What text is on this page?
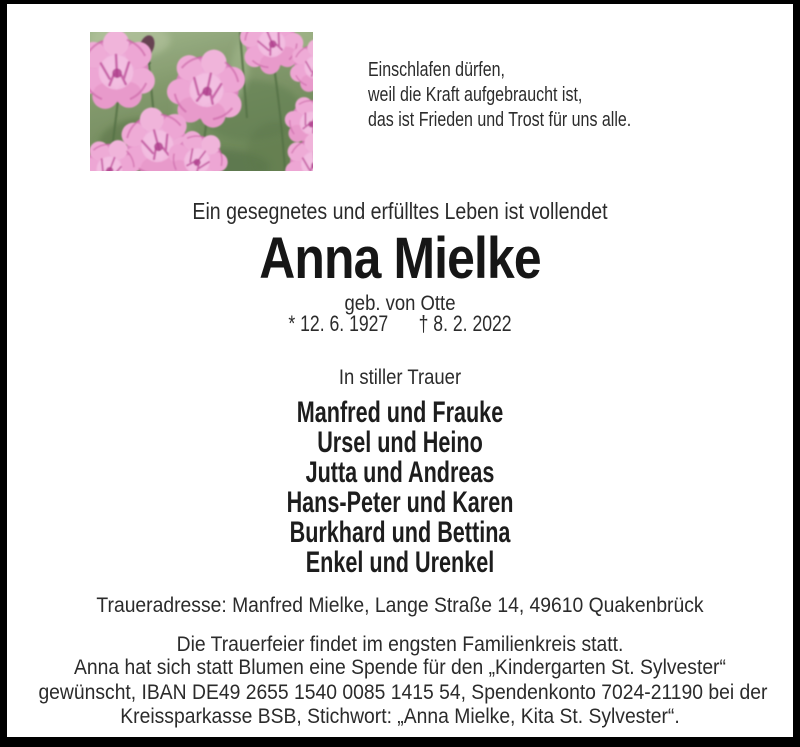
Einschlafen dürfen,
weil die Kraft aufgebraucht ist,
das ist Frieden und Trost für uns alle.
Ein gesegnetes und erfülltes Leben ist vollendet
Anna Mielke
geb. von Otte
* 12. 6. 1927 † 8. 2. 2022
In stiller Trauer
Manfred und Frauke
Ursel und Heino
Jutta und Andreas
Hans-Peter und Karen
Burkhard und Bettina
Enkel und Urenkel
Traueradresse: Manfred Mielke, Lange Straße 14, 49610 Quakenbrück
Die Trauerfeier findet im engsten Familienkreis statt.
Anna hat sich statt Blumen eine Spende für den „Kindergarten St. Sylvester“
gewünscht, IBAN DE49 2655 1540 0085 1415 54, Spendenkonto 7024-21190 bei der
Kreissparkasse BSB, Stichwort: „Anna Mielke, Kita St. Sylvester“.
